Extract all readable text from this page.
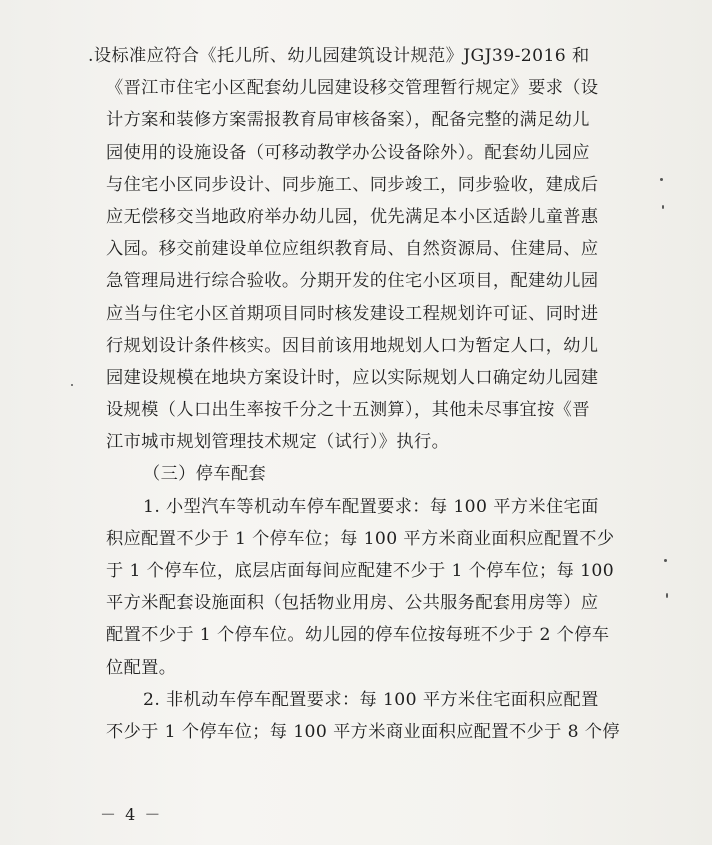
.设标准应符合《托儿所、幼儿园建筑设计规范》JGJ39-2016 和
《晋江市住宅小区配套幼儿园建设移交管理暂行规定》要求（设
计方案和装修方案需报教育局审核备案），配备完整的满足幼儿
园使用的设施设备（可移动教学办公设备除外）。配套幼儿园应
与住宅小区同步设计、同步施工、同步竣工，同步验收，建成后
应无偿移交当地政府举办幼儿园，优先满足本小区适龄儿童普惠
入园。移交前建设单位应组织教育局、自然资源局、住建局、应
急管理局进行综合验收。分期开发的住宅小区项目，配建幼儿园
应当与住宅小区首期项目同时核发建设工程规划许可证、同时进
行规划设计条件核实。因目前该用地规划人口为暂定人口，幼儿
园建设规模在地块方案设计时，应以实际规划人口确定幼儿园建
设规模（人口出生率按千分之十五测算），其他未尽事宜按《晋
江市城市规划管理技术规定（试行）》执行。
（三）停车配套
1. 小型汽车等机动车停车配置要求：每 100 平方米住宅面
积应配置不少于 1 个停车位；每 100 平方米商业面积应配置不少
于 1 个停车位，底层店面每间应配建不少于 1 个停车位；每 100
平方米配套设施面积（包括物业用房、公共服务配套用房等）应
配置不少于 1 个停车位。幼儿园的停车位按每班不少于 2 个停车
位配置。
2. 非机动车停车配置要求：每 100 平方米住宅面积应配置
不少于 1 个停车位；每 100 平方米商业面积应配置不少于 8 个停
－ 4 －
